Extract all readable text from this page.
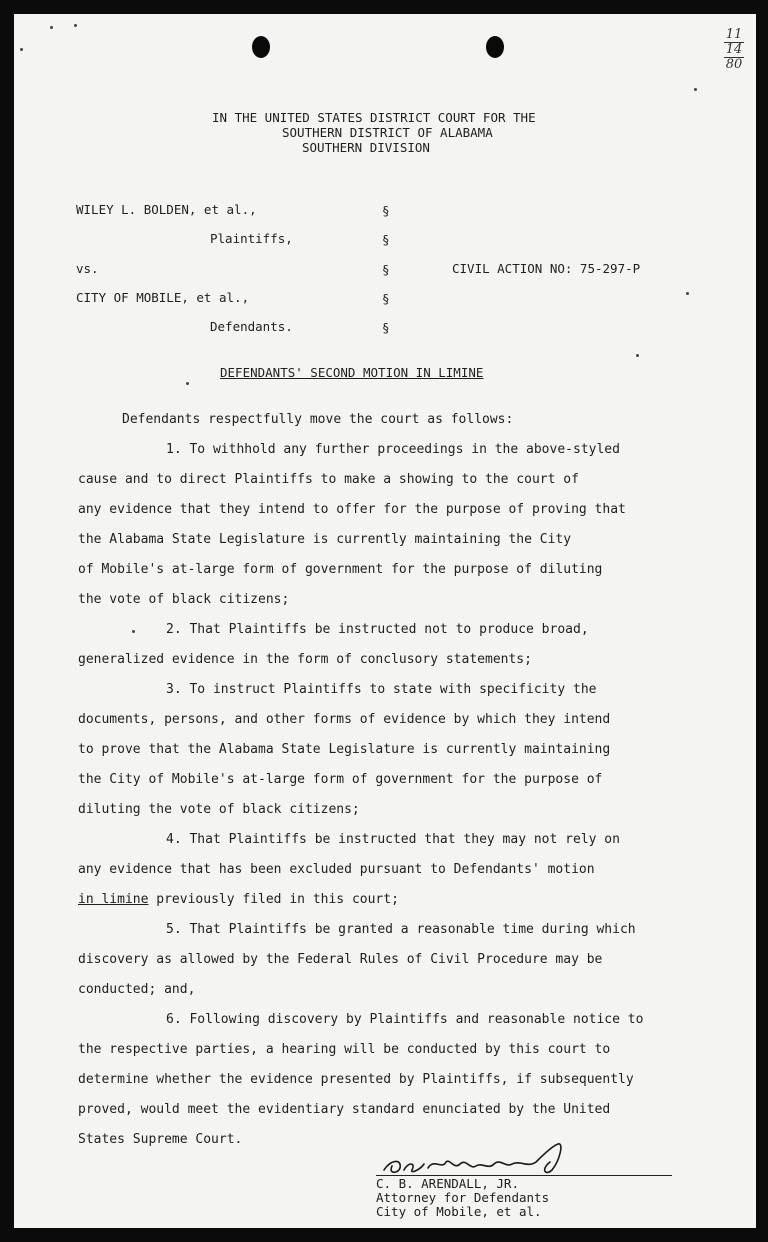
11
14
80
IN THE UNITED STATES DISTRICT COURT FOR THE
SOUTHERN DISTRICT OF ALABAMA
SOUTHERN DIVISION
WILEY L. BOLDEN, et al.,
Plaintiffs,
vs.
CITY OF MOBILE, et al.,
Defendants.
§
§
§
§
§
CIVIL ACTION NO: 75-297-P
DEFENDANTS' SECOND MOTION IN LIMINE
Defendants respectfully move the court as follows:
1. To withhold any further proceedings in the above-styled
cause and to direct Plaintiffs to make a showing to the court of
any evidence that they intend to offer for the purpose of proving that
the Alabama State Legislature is currently maintaining the City
of Mobile's at-large form of government for the purpose of diluting
the vote of black citizens;
2. That Plaintiffs be instructed not to produce broad,
generalized evidence in the form of conclusory statements;
3. To instruct Plaintiffs to state with specificity the
documents, persons, and other forms of evidence by which they intend
to prove that the Alabama State Legislature is currently maintaining
the City of Mobile's at-large form of government for the purpose of
diluting the vote of black citizens;
4. That Plaintiffs be instructed that they may not rely on
any evidence that has been excluded pursuant to Defendants' motion
in limine previously filed in this court;
5. That Plaintiffs be granted a reasonable time during which
discovery as allowed by the Federal Rules of Civil Procedure may be
conducted; and,
6. Following discovery by Plaintiffs and reasonable notice to
the respective parties, a hearing will be conducted by this court to
determine whether the evidence presented by Plaintiffs, if subsequently
proved, would meet the evidentiary standard enunciated by the United
States Supreme Court.
C. B. ARENDALL, JR.
Attorney for Defendants
City of Mobile, et al.
